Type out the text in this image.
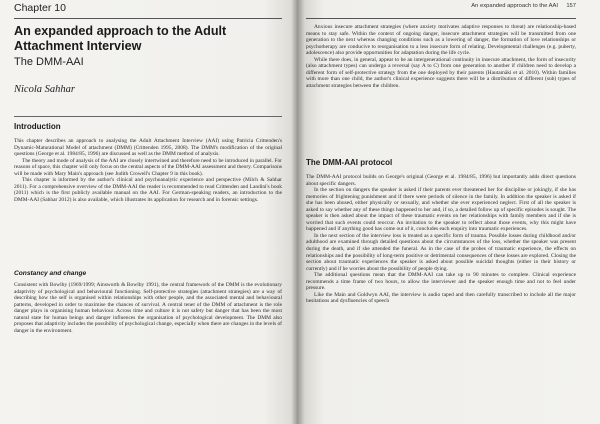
Chapter 10
An expanded approach to the Adult Attachment Interview
The DMM-AAI
Nicola Sahhar
Introduction

This chapter describes an approach to analysing the Adult Attachment Interview (AAI) using Patricia Crittenden's Dynamic-Maturational Model of attachment (DMM) (Crittenden 1995, 2008). The DMM's modification of the original questions (George et al. 1984/85, 1996) are discussed as well as the DMM method of analysis.

The theory and mode of analysis of the AAI are closely intertwined and therefore need to be introduced in parallel. For reasons of space, this chapter will only focus on the central aspects of the DMM-AAI assessment and theory. Comparisons will be made with Mary Main's approach (see Judith Crowell's Chapter 9 in this book).

This chapter is informed by the author's clinical and psychoanalytic experience and perspective (Milch & Sahhar 2011). For a comprehensive overview of the DMM-AAI the reader is recommended to read Crittenden and Landini's book (2011) which is the first publicly available manual on the AAI. For German-speaking readers, an introduction to the DMM-AAI (Sahhar 2012) is also available, which illustrates its application for research and in forensic settings.

Constancy and change

Consistent with Bowlby (1969/1999; Ainsworth & Bowlby 1991), the central framework of the DMM is the evolutionary adaptivity of psychological and behavioural functioning. Self-protective strategies (attachment strategies) are a way of describing how the self is organised within relationships with other people, and the associated mental and behavioural patterns, developed in order to maximise the chances of survival. A central tenet of the DMM of attachment is the role danger plays in organising human behaviour. Across time and culture it is not safety but danger that has been the most natural state for human beings and danger influences the organisation of psychological development. The DMM also proposes that adaptivity includes the possibility of psychological change, especially when there are changes in the levels of danger in the environment.

An expanded approach to the AAI 157

Anxious insecure attachment strategies (where anxiety motivates adaptive responses to threat) are relationship-based means to stay safe. Within the context of ongoing danger, insecure attachment strategies will be transmitted from one generation to the next whereas changing conditions such as a lowering of danger, the formation of love relationships or psychotherapy are conducive to reorganisation to a less insecure form of relating. Developmental challenges (e.g. puberty, adolescence) also provide opportunities for adaptation during the life cycle.

While there does, in general, appear to be an intergenerational continuity in insecure attachment, the form of insecurity (also attachment types) can undergo a reversal (say A to C) from one generation to another if children need to develop a different form of self-protective strategy from the one deployed by their parents (Hautamäki et al. 2010). Within families with more than one child, the author's clinical experience suggests there will be a distribution of different (sub) types of attachment strategies between the children.

The DMM-AAI protocol

The DMM-AAI protocol builds on George's original (George et al. 1984/85, 1996) but importantly adds direct questions about specific dangers.

In the section on dangers the speaker is asked if their parents ever threatened her for discipline or jokingly, if she has memories of frightening punishment and if there were periods of silence in the family. In addition the speaker is asked if she has been abused, either physically or sexually, and whether she ever experienced neglect. First of all the speaker is asked to say whether any of these things happened to her and, if so, a detailed follow up of specific episodes is sought. The speaker is then asked about the impact of these traumatic events on her relationships with family members and if she is worried that such events could reoccur. An invitation to the speaker to reflect about those events, why this might have happened and if anything good has come out of it, concludes each enquiry into traumatic experiences.

In the next section of the interview loss is treated as a specific form of trauma. Possible losses during childhood and/or adulthood are examined through detailed questions about the circumstances of the loss, whether the speaker was present during the death, and if she attended the funeral. As in the case of the probes of traumatic experience, the effects on relationships and the possibility of long-term positive or detrimental consequences of these losses are explored. Closing the section about traumatic experiences the speaker is asked about possible suicidal thoughts (either in their history or currently) and if he worries about the possibility of people dying.

The additional questions mean that the DMM-AAI can take up to 90 minutes to complete. Clinical experience recommends a time frame of two hours, to allow the interviewer and the speaker enough time and not to feel under pressure.

Like the Main and Goldwyn AAI, the interview is audio taped and then carefully transcribed to include all the major hesitations and dysfluencies of speech
